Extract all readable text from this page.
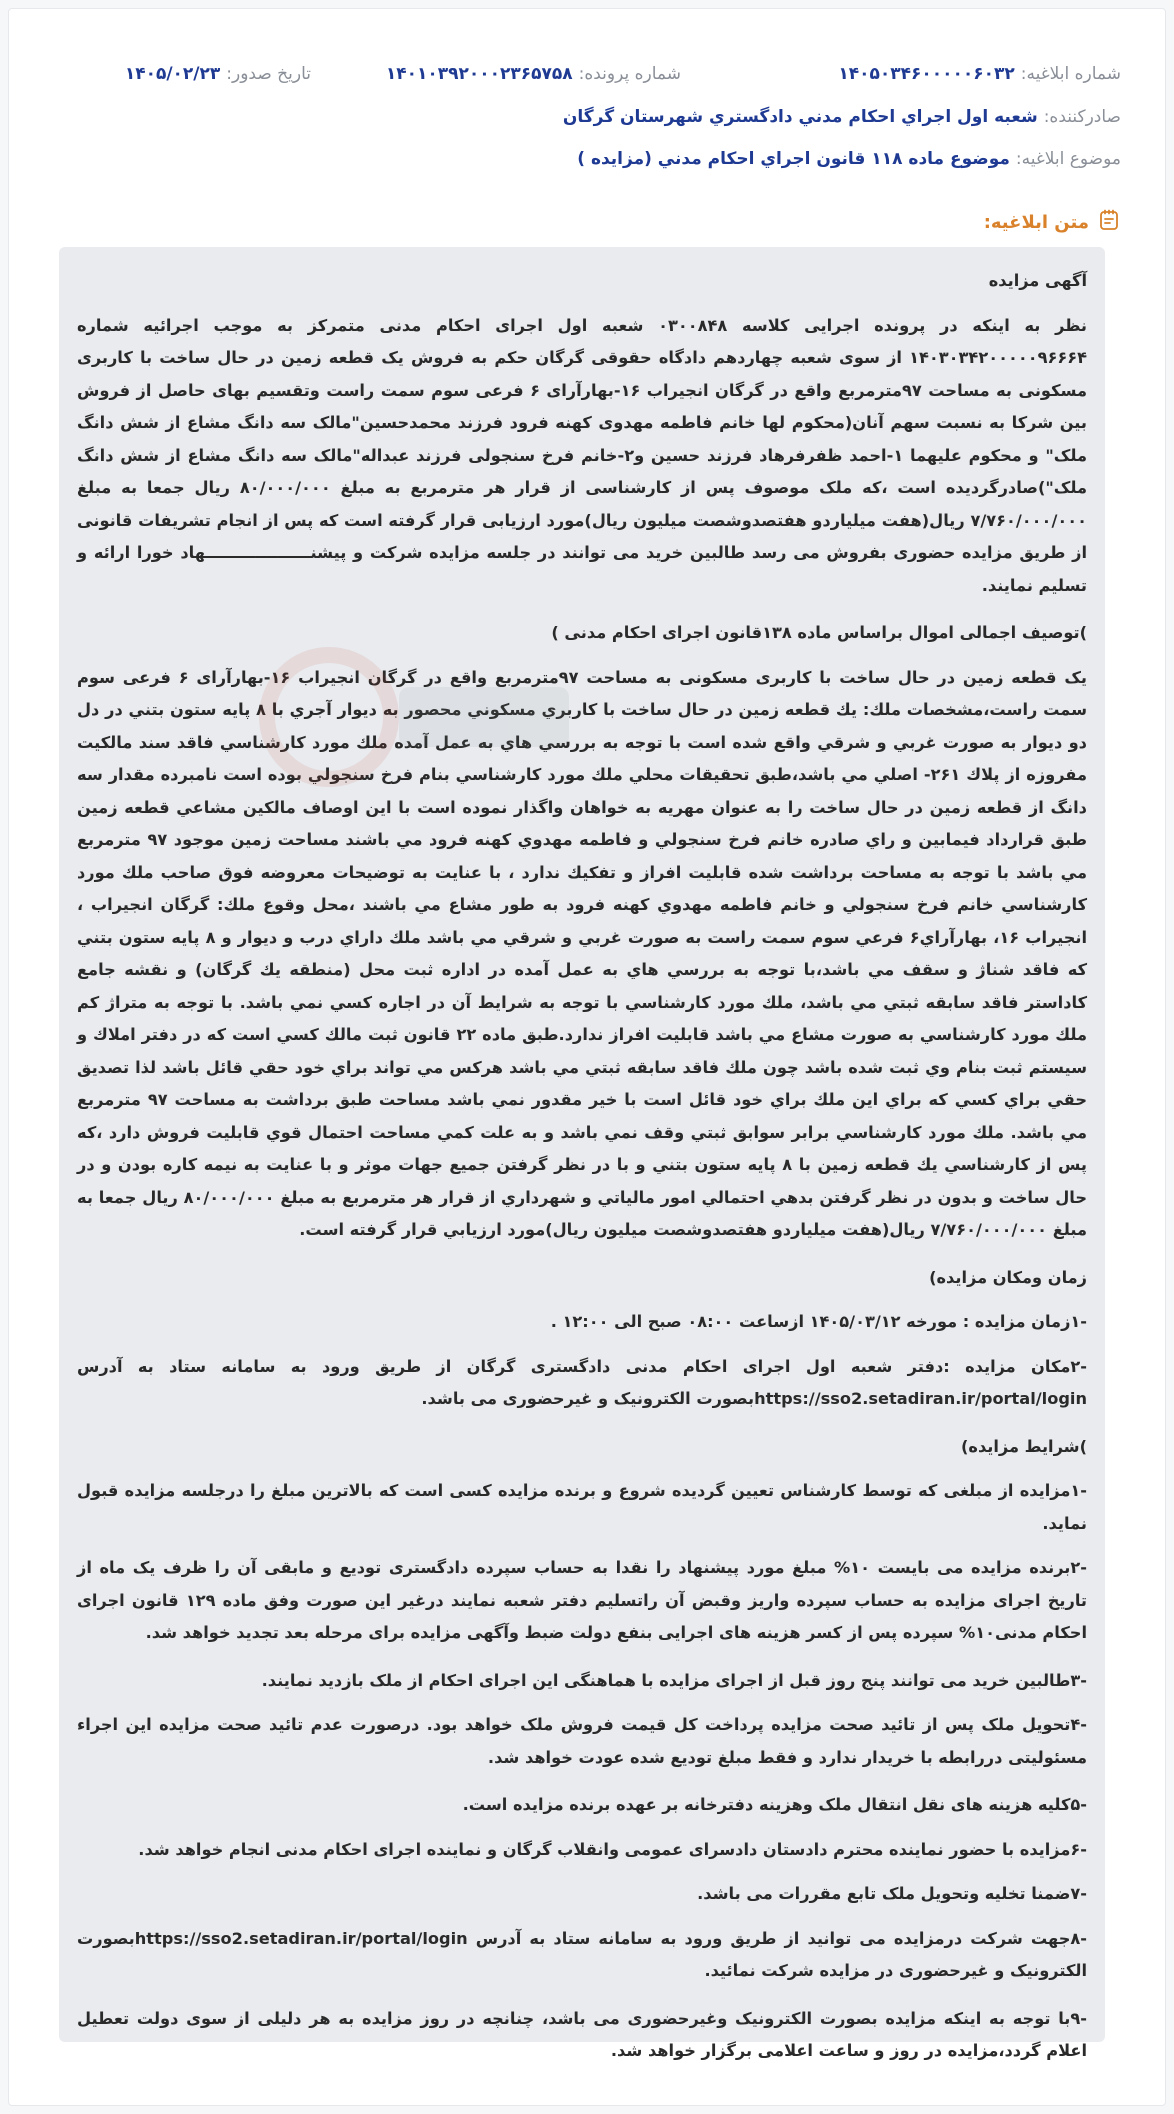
شماره ابلاغیه:
۱۴۰۵۰۳۴۶۰۰۰۰۰۶۰۳۲
شماره پرونده:
۱۴۰۱۰۳۹۲۰۰۰۲۳۶۵۷۵۸
تاریخ صدور:
۱۴۰۵/۰۲/۲۳
صادرکننده:
شعبه اول اجراي احكام مدني دادگستري شهرستان گرگان
موضوع ابلاغیه:
موضوع ماده ۱۱۸ قانون اجراي احكام مدني (مزايده )
متن ابلاغیه:

آگهی مزایده

نظر به اینکه در پرونده اجرایی کلاسه ۰۳۰۰۸۴۸ شعبه اول اجرای احکام مدنی متمرکز به موجب اجرائیه شماره ۱۴۰۳۰۳۴۲۰۰۰۰۰۹۶۶۶۴ از سوی شعبه چهاردهم دادگاه حقوقی گرگان حکم به فروش یک قطعه زمین در حال ساخت با کاربری مسکونی به مساحت ۹۷مترمربع واقع در گرگان انجیراب ۱۶-بهارآرای ۶ فرعی سوم سمت راست وتقسیم بهای حاصل از فروش بین شرکا به نسبت سهم آنان(محکوم لها خانم فاطمه مهدوی کهنه فرود فرزند محمدحسین"مالک سه دانگ مشاع از شش دانگ ملک" و محکوم علیهما ۱-احمد ظفرفرهاد فرزند حسین و۲-خانم فرخ سنجولی فرزند عبداله"مالک سه دانگ مشاع از شش دانگ ملک")صادرگردیده است ،که ملک موصوف پس از کارشناسی از قرار هر مترمربع به مبلغ ۸۰/۰۰۰/۰۰۰ ریال جمعا به مبلغ ۷/۷۶۰/۰۰۰/۰۰۰ ریال(هفت میلیاردو هفتصدوشصت میلیون ریال)مورد ارزیابی قرار گرفته است که پس از انجام تشریفات قانونی از طریق مزایده حضوری بفروش می رسد طالبین خرید می توانند در جلسه مزایده شرکت و پیشنـــــــــــــــــــهاد خورا ارائه و تسلیم نمایند.

)توصیف اجمالی اموال براساس ماده ۱۳۸قانون اجرای احکام مدنی )

یک قطعه زمین در حال ساخت با کاربری مسکونی به مساحت ۹۷مترمربع واقع در گرگان انجیراب ۱۶-بهارآرای ۶ فرعی سوم سمت راست،مشخصات ملك: يك قطعه زمين در حال ساخت با كاربري مسكوني محصور به ديوار آجري با ۸ پايه ستون بتني در دل دو ديوار به صورت غربي و شرقي واقع شده است با توجه به بررسي هاي به عمل آمده ملك مورد كارشناسي فاقد سند مالكيت مفروزه از پلاك ۲۶۱- اصلي مي باشد،طبق تحقيقات محلي ملك مورد كارشناسي بنام فرخ سنجولي بوده است نامبرده مقدار سه دانگ از قطعه زمين در حال ساخت را به عنوان مهريه به خواهان واگذار نموده است با اين اوصاف مالكين مشاعي قطعه زمين طبق قرارداد فيمابين و راي صادره خانم فرخ سنجولي و فاطمه مهدوي كهنه فرود مي باشند مساحت زمين موجود ۹۷ مترمربع مي باشد با توجه به مساحت برداشت شده قابليت افراز و تفكيك ندارد ، با عنايت به توضيحات معروضه فوق صاحب ملك مورد كارشناسي خانم فرخ سنجولي و خانم فاطمه مهدوي كهنه فرود به طور مشاع مي باشند ،محل وقوع ملك: گرگان انجيراب ، انجيراب ۱۶، بهارآراي۶ فرعي سوم سمت راست به صورت غربي و شرقي مي باشد ملك داراي درب و ديوار و ۸ پايه ستون بتني كه فاقد شناژ و سقف مي باشد،با توجه به بررسي هاي به عمل آمده در اداره ثبت محل (منطقه يك گرگان) و نقشه جامع كاداستر فاقد سابقه ثبتي مي باشد، ملك مورد كارشناسي با توجه به شرايط آن در اجاره كسي نمي باشد. با توجه به متراژ كم ملك مورد كارشناسي به صورت مشاع مي باشد قابليت افراز ندارد.طبق ماده ۲۲ قانون ثبت مالك كسي است كه در دفتر املاك و سيستم ثبت بنام وي ثبت شده باشد چون ملك فاقد سابقه ثبتي مي باشد هركس مي تواند براي خود حقي قائل باشد لذا تصديق حقي براي كسي كه براي اين ملك براي خود قائل است با خير مقدور نمي باشد مساحت طبق برداشت به مساحت ۹۷ مترمربع مي باشد. ملك مورد كارشناسي برابر سوابق ثبتي وقف نمي باشد و به علت كمي مساحت احتمال قوي قابليت فروش دارد ،كه پس از كارشناسي يك قطعه زمين با ۸ پايه ستون بتني و با در نظر گرفتن جميع جهات موثر و با عنايت به نيمه كاره بودن و در حال ساخت و بدون در نظر گرفتن بدهي احتمالي امور مالياتي و شهرداري از قرار هر مترمربع به مبلغ ۸۰/۰۰۰/۰۰۰ ريال جمعا به مبلغ ۷/۷۶۰/۰۰۰/۰۰۰ ريال(هفت ميلياردو هفتصدوشصت ميليون ريال)مورد ارزيابي قرار گرفته است.

زمان ومکان مزایده)

-۱زمان مزایده : مورخه ۱۴۰۵/۰۳/۱۲ ازساعت ۰۸:۰۰ صبح الی ۱۲:۰۰ .

-۲مکان مزایده :دفتر شعبه اول اجرای احکام مدنی دادگستری گرگان از طریق ورود به سامانه ستاد به آدرس https://sso2.setadiran.ir/portal/loginبصورت الکترونیک و غیرحضوری می باشد.

)شرایط مزایده)

-۱مزایده از مبلغی که توسط کارشناس تعیین گردیده شروع و برنده مزایده کسی است که بالاترین مبلغ را درجلسه مزایده قبول نماید.

-۲برنده مزایده می بایست ۱۰% مبلغ مورد پیشنهاد را نقدا به حساب سپرده دادگستری تودیع و مابقی آن را ظرف یک ماه از تاریخ اجرای مزایده به حساب سپرده واریز وقبض آن راتسلیم دفتر شعبه نمایند درغیر این صورت وفق ماده ۱۲۹ قانون اجرای احکام مدنی۱۰% سپرده پس از کسر هزینه های اجرایی بنفع دولت ضبط وآگهی مزایده برای مرحله بعد تجدید خواهد شد.

-۳طالبین خرید می توانند پنج روز قبل از اجرای مزایده با هماهنگی این اجرای احکام از ملک بازدید نمایند.

-۴تحویل ملک پس از تائید صحت مزایده پرداخت کل قیمت فروش ملک خواهد بود. درصورت عدم تائید صحت مزایده این اجراء مسئولیتی دررابطه با خریدار ندارد و فقط مبلغ تودیع شده عودت خواهد شد.

-۵کلیه هزینه های نقل انتقال ملک وهزینه دفترخانه بر عهده برنده مزایده است.

-۶مزایده با حضور نماینده محترم دادستان دادسرای عمومی وانقلاب گرگان و نماینده اجرای احکام مدنی انجام خواهد شد.

-۷ضمنا تخلیه وتحویل ملک تابع مقررات می باشد.

-۸جهت شرکت درمزایده می توانید از طریق ورود به سامانه ستاد به آدرس https://sso2.setadiran.ir/portal/loginبصورت الکترونیک و غیرحضوری در مزایده شرکت نمائید.

-۹با توجه به اینکه مزایده بصورت الکترونیک وغیرحضوری می باشد، چنانچه در روز مزایده به هر دلیلی از سوی دولت تعطیل اعلام گردد،مزایده در روز و ساعت اعلامی برگزار خواهد شد.
